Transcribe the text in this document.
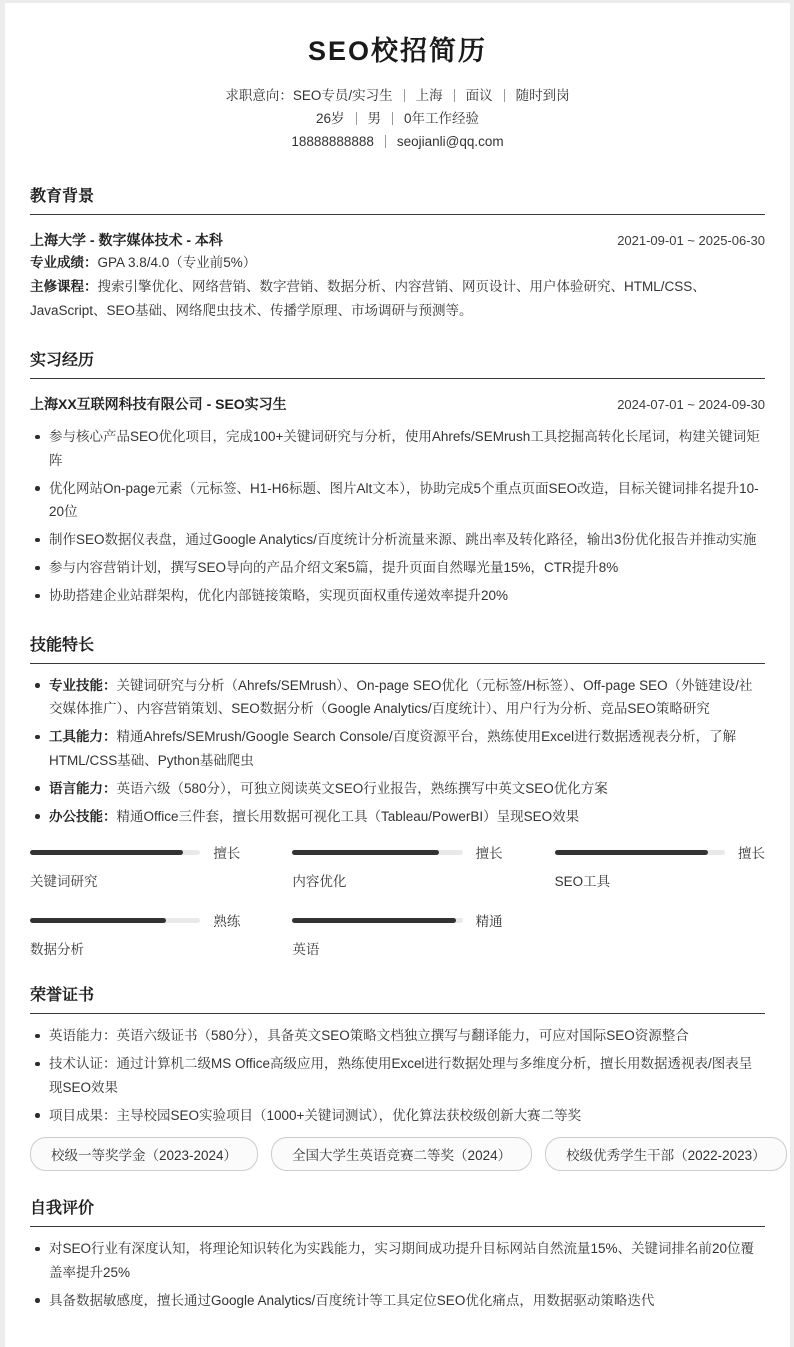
SEO校招简历
求职意向：SEO专员/实习生 上海 面议 随时到岗
26岁 男 0年工作经验
18888888888 seojianli@qq.com
教育背景
上海大学 - 数字媒体技术 - 本科	2021-09-01 ~ 2025-06-30
专业成绩：GPA 3.8/4.0（专业前5%）
主修课程：搜索引擎优化、网络营销、数字营销、数据分析、内容营销、网页设计、用户体验研究、HTML/CSS、JavaScript、SEO基础、网络爬虫技术、传播学原理、市场调研与预测等。
实习经历
上海XX互联网科技有限公司 - SEO实习生	2024-07-01 ~ 2024-09-30
参与核心产品SEO优化项目，完成100+关键词研究与分析，使用Ahrefs/SEMrush工具挖掘高转化长尾词，构建关键词矩阵
优化网站On-page元素（元标签、H1-H6标题、图片Alt文本），协助完成5个重点页面SEO改造，目标关键词排名提升10-20位
制作SEO数据仪表盘，通过Google Analytics/百度统计分析流量来源、跳出率及转化路径，输出3份优化报告并推动实施
参与内容营销计划，撰写SEO导向的产品介绍文案5篇，提升页面自然曝光量15%，CTR提升8%
协助搭建企业站群架构，优化内部链接策略，实现页面权重传递效率提升20%
技能特长
专业技能：关键词研究与分析（Ahrefs/SEMrush）、On-page SEO优化（元标签/H标签）、Off-page SEO（外链建设/社交媒体推广）、内容营销策划、SEO数据分析（Google Analytics/百度统计）、用户行为分析、竞品SEO策略研究
工具能力：精通Ahrefs/SEMrush/Google Search Console/百度资源平台，熟练使用Excel进行数据透视表分析，了解HTML/CSS基础、Python基础爬虫
语言能力：英语六级（580分），可独立阅读英文SEO行业报告，熟练撰写中英文SEO优化方案
办公技能：精通Office三件套，擅长用数据可视化工具（Tableau/PowerBI）呈现SEO效果
擅长
关键词研究
擅长
内容优化
擅长
SEO工具
熟练
数据分析
精通
英语
荣誉证书
英语能力：英语六级证书（580分），具备英文SEO策略文档独立撰写与翻译能力，可应对国际SEO资源整合
技术认证：通过计算机二级MS Office高级应用，熟练使用Excel进行数据处理与多维度分析，擅长用数据透视表/图表呈现SEO效果
项目成果：主导校园SEO实验项目（1000+关键词测试），优化算法获校级创新大赛二等奖
校级一等奖学金（2023-2024）	全国大学生英语竞赛二等奖（2024）	校级优秀学生干部（2022-2023）
自我评价
对SEO行业有深度认知，将理论知识转化为实践能力，实习期间成功提升目标网站自然流量15%、关键词排名前20位覆盖率提升25%
具备数据敏感度，擅长通过Google Analytics/百度统计等工具定位SEO优化痛点，用数据驱动策略迭代
